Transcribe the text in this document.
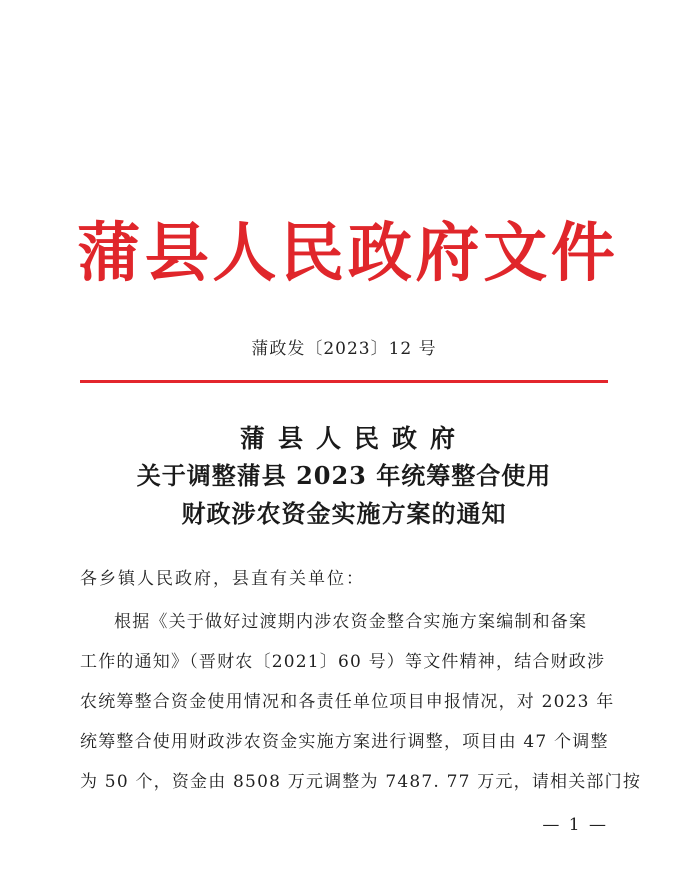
蒲 县 人 民 政 府 文 件
蒲政发〔2023〕12 号
蒲县人民政府
关于调整蒲县 2023 年统筹整合使用
财政涉农资金实施方案的通知
各乡镇人民政府，县直有关单位：
根据《关于做好过渡期内涉农资金整合实施方案编制和备案
工作的通知》（晋财农〔2021〕60 号）等文件精神，结合财政涉
农统筹整合资金使用情况和各责任单位项目申报情况，对 2023 年
统筹整合使用财政涉农资金实施方案进行调整，项目由 47 个调整
为 50 个，资金由 8508 万元调整为 7487. 77 万元，请相关部门按
— 1 —
